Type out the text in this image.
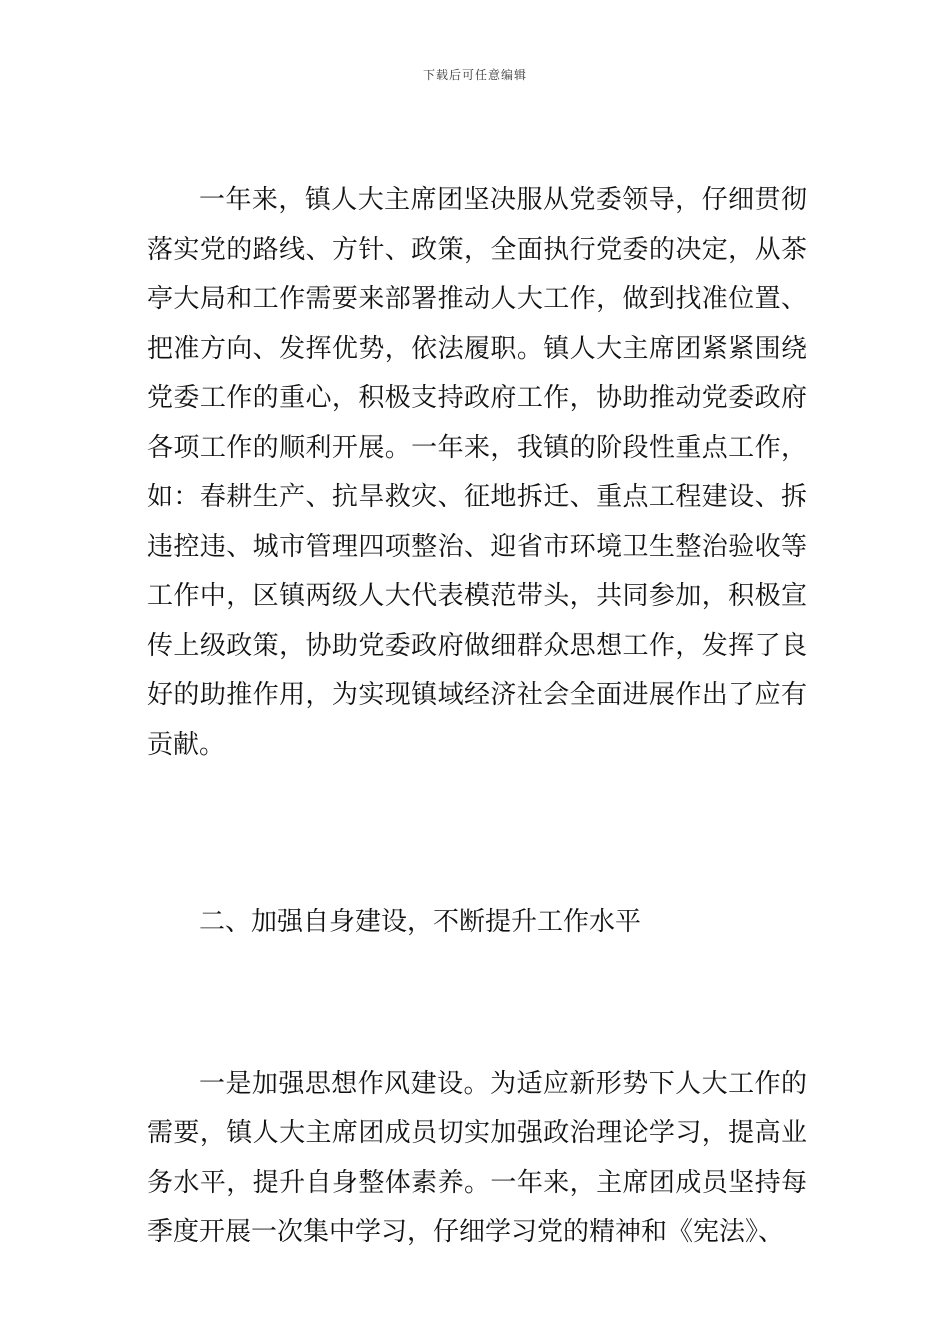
下载后可任意编辑

一年来，镇人大主席团坚决服从党委领导，仔细贯彻落实党的路线、方针、政策，全面执行党委的决定，从茶亭大局和工作需要来部署推动人大工作，做到找准位置、把准方向、发挥优势，依法履职。镇人大主席团紧紧围绕党委工作的重心，积极支持政府工作，协助推动党委政府各项工作的顺利开展。一年来，我镇的阶段性重点工作，如：春耕生产、抗旱救灾、征地拆迁、重点工程建设、拆违控违、城市管理四项整治、迎省市环境卫生整治验收等工作中，区镇两级人大代表模范带头，共同参加，积极宣传上级政策，协助党委政府做细群众思想工作，发挥了良好的助推作用，为实现镇域经济社会全面进展作出了应有贡献。

二、加强自身建设，不断提升工作水平

一是加强思想作风建设。为适应新形势下人大工作的需要，镇人大主席团成员切实加强政治理论学习，提高业务水平，提升自身整体素养。一年来，主席团成员坚持每季度开展一次集中学习，仔细学习党的精神和《宪法》、
